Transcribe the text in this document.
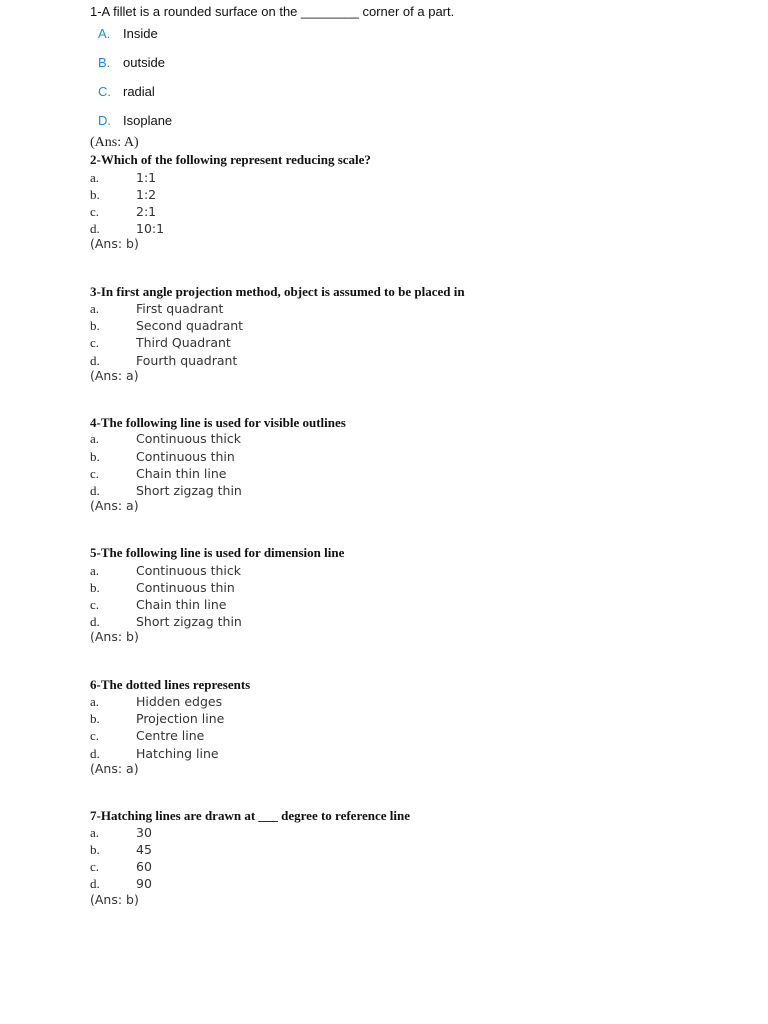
1-A fillet is a rounded surface on the ________ corner of a part.
A. Inside
B. outside
C. radial
D. Isoplane
(Ans: A)
2-Which of the following represent reducing scale?
a.	1:1
b.	1:2
c.	2:1
d.	10:1
(Ans: b)
3-In first angle projection method, object is assumed to be placed in
a.	First quadrant
b.	Second quadrant
c.	Third Quadrant
d.	Fourth quadrant
(Ans: a)
4-The following line is used for visible outlines
a.	Continuous thick
b.	Continuous thin
c.	Chain thin line
d.	Short zigzag thin
(Ans: a)
5-The following line is used for dimension line
a.	Continuous thick
b.	Continuous thin
c.	Chain thin line
d.	Short zigzag thin
(Ans: b)
6-The dotted lines represents
a.	Hidden edges
b.	Projection line
c.	Centre line
d.	Hatching line
(Ans: a)
7-Hatching lines are drawn at ___ degree to reference line
a.	30
b.	45
c.	60
d.	90
(Ans: b)
